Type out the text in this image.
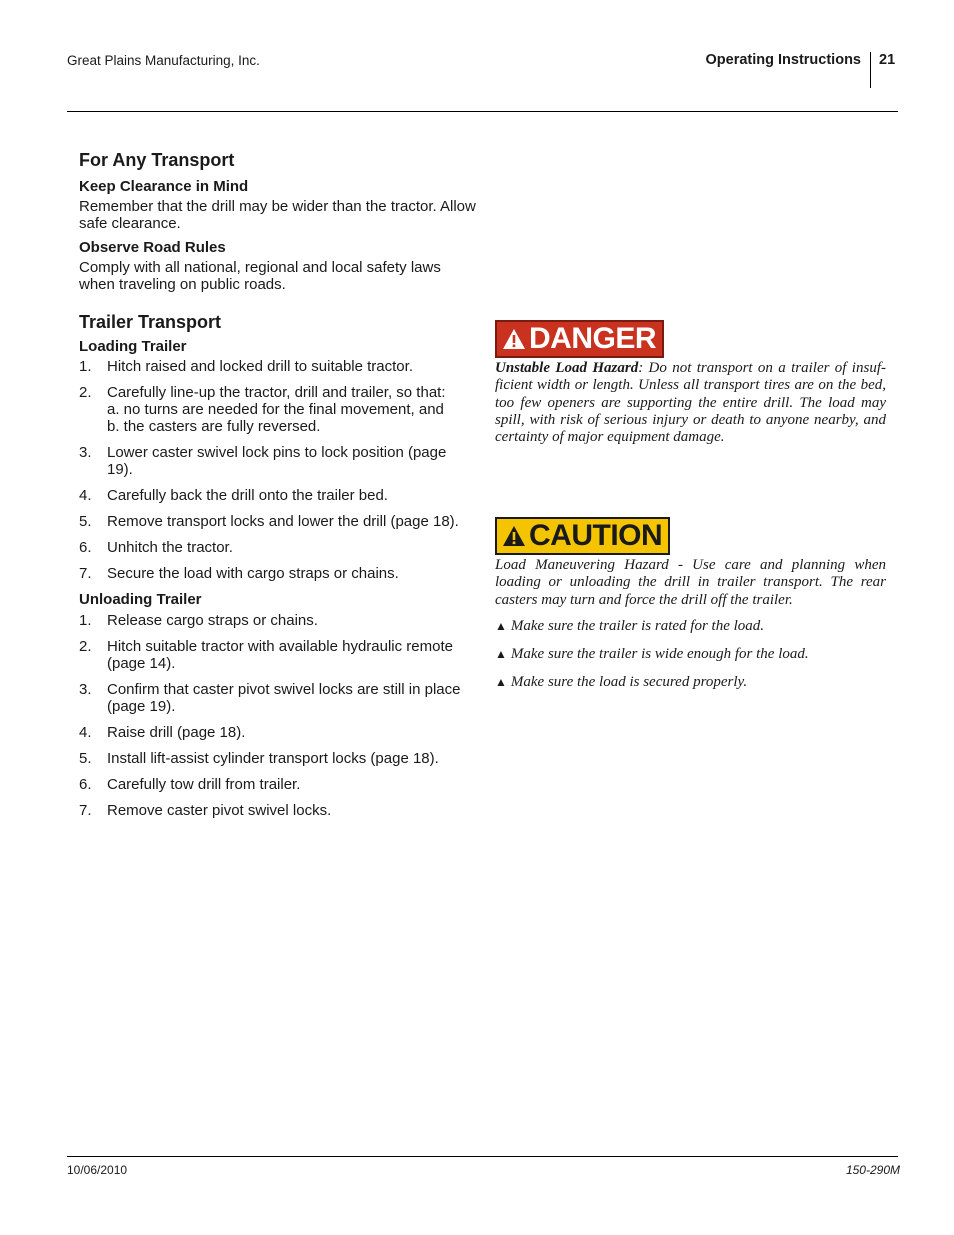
Great Plains Manufacturing, Inc.	Operating Instructions 21
For Any Transport
Keep Clearance in Mind

Remember that the drill may be wider than the tractor. Allow safe clearance.

Observe Road Rules

Comply with all national, regional and local safety laws when traveling on public roads.

Trailer Transport
Loading Trailer
1.	Hitch raised and locked drill to suitable tractor.
2.	Carefully line-up the tractor, drill and trailer, so that:
a. no turns are needed for the final movement, and
b. the casters are fully reversed.
3.	Lower caster swivel lock pins to lock position (page 19).
4.	Carefully back the drill onto the trailer bed.
5.	Remove transport locks and lower the drill (page 18).
6.	Unhitch the tractor.
7.	Secure the load with cargo straps or chains.
Unloading Trailer
1.	Release cargo straps or chains.
2.	Hitch suitable tractor with available hydraulic remote (page 14).
3.	Confirm that caster pivot swivel locks are still in place (page 19).
4.	Raise drill (page 18).
5.	Install lift-assist cylinder transport locks (page 18).
6.	Carefully tow drill from trailer.
7.	Remove caster pivot swivel locks.
DANGER
Unstable Load Hazard: Do not transport on a trailer of insufficient width or length. Unless all transport tires are on the bed, too few openers are supporting the entire drill. The load may spill, with risk of serious injury or death to anyone nearby, and certainty of major equipment damage.
CAUTION

Load Maneuvering Hazard - Use care and planning when loading or unloading the drill in trailer transport. The rear casters may turn and force the drill off the trailer.

▲ Make sure the trailer is rated for the load.
▲ Make sure the trailer is wide enough for the load.
▲ Make sure the load is secured properly.
10/06/2010	150-290M
